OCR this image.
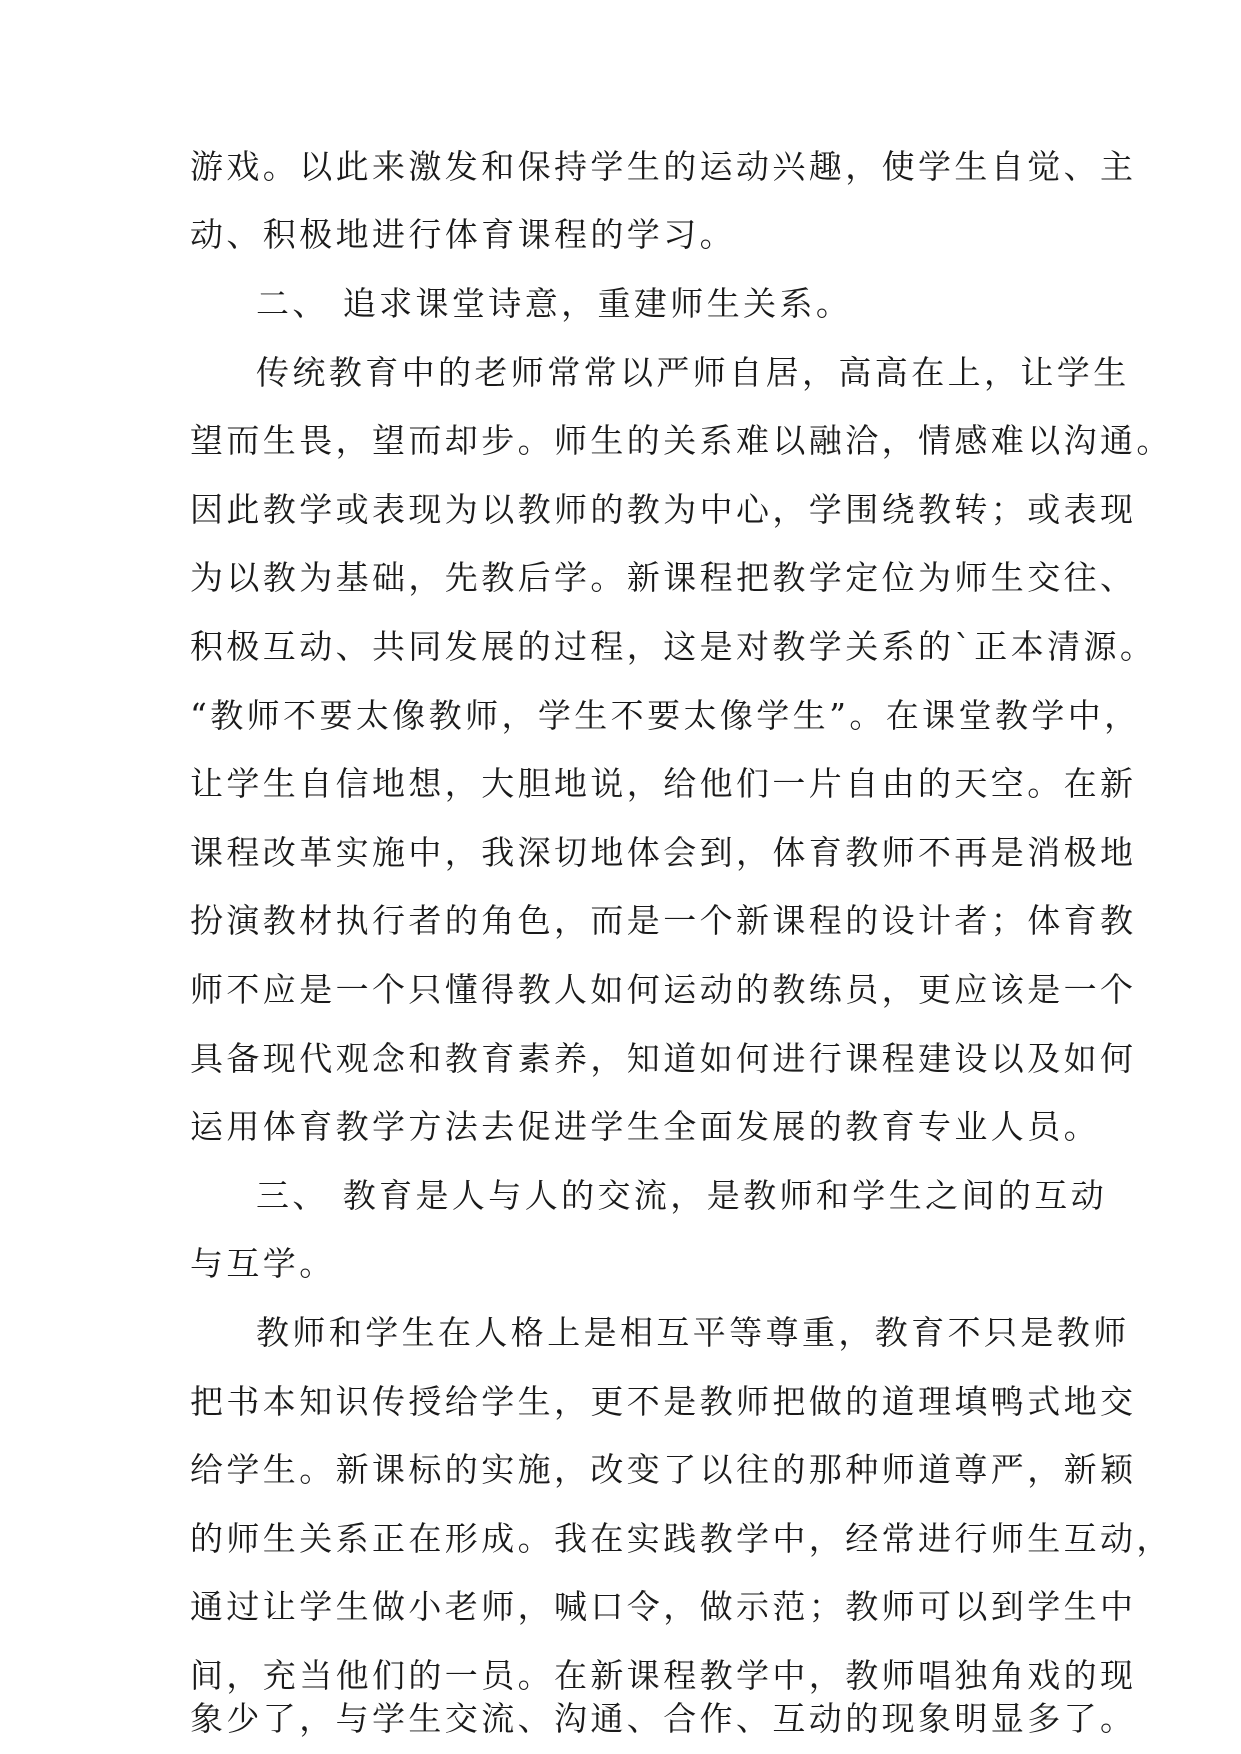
游戏。以此来激发和保持学生的运动兴趣，使学生自觉、主
动、积极地进行体育课程的学习。
二、 追求课堂诗意，重建师生关系。
传统教育中的老师常常以严师自居，高高在上，让学生
望而生畏，望而却步。师生的关系难以融洽，情感难以沟通。
因此教学或表现为以教师的教为中心，学围绕教转；或表现
为以教为基础，先教后学。新课程把教学定位为师生交往、
积极互动、共同发展的过程，这是对教学关系的`正本清源。
“教师不要太像教师，学生不要太像学生”。在课堂教学中，
让学生自信地想，大胆地说，给他们一片自由的天空。在新
课程改革实施中，我深切地体会到，体育教师不再是消极地
扮演教材执行者的角色，而是一个新课程的设计者；体育教
师不应是一个只懂得教人如何运动的教练员，更应该是一个
具备现代观念和教育素养，知道如何进行课程建设以及如何
运用体育教学方法去促进学生全面发展的教育专业人员。
三、 教育是人与人的交流，是教师和学生之间的互动
与互学。
教师和学生在人格上是相互平等尊重，教育不只是教师
把书本知识传授给学生，更不是教师把做的道理填鸭式地交
给学生。新课标的实施，改变了以往的那种师道尊严，新颖
的师生关系正在形成。我在实践教学中，经常进行师生互动，
通过让学生做小老师，喊口令，做示范；教师可以到学生中
间，充当他们的一员。在新课程教学中，教师唱独角戏的现
象少了，与学生交流、沟通、合作、互动的现象明显多了。
